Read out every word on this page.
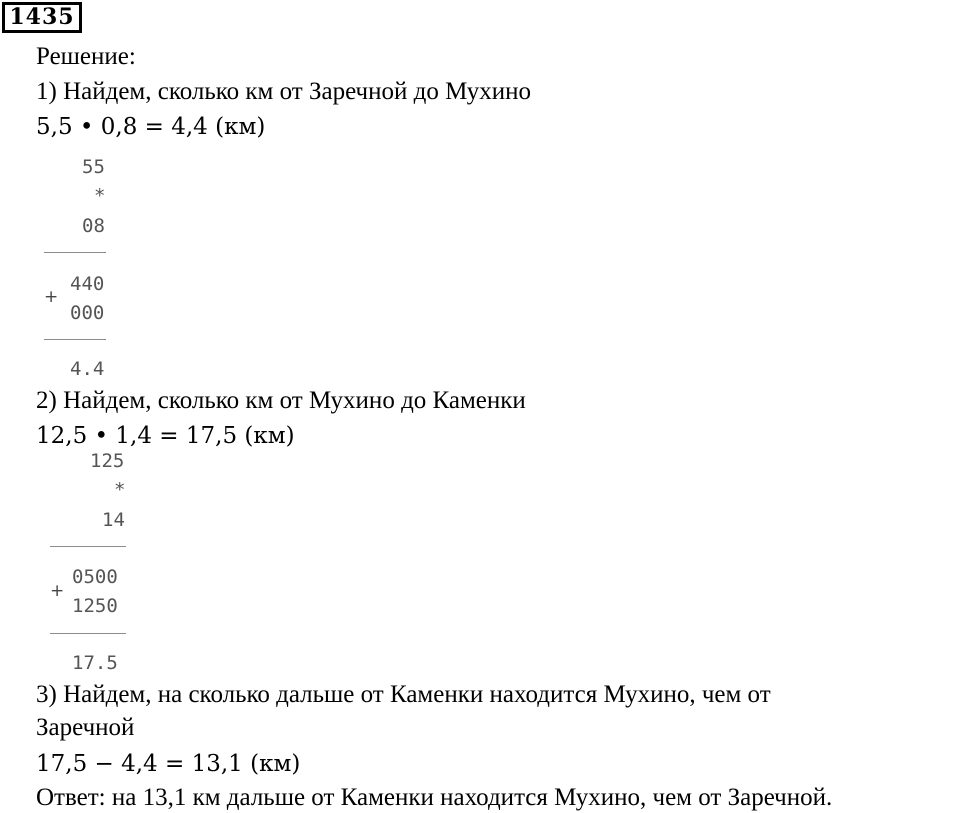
1435
Решение:
1) Найдем, сколько км от Заречной до Мухино
5,5 • 0,8 = 4,4 (км)
55
*
08
+
440
000
4.4
2) Найдем, сколько км от Мухино до Каменки
12,5 • 1,4 = 17,5 (км)
125
*
14
+
0500
1250
17.5
3) Найдем, на сколько дальше от Каменки находится Мухино, чем от
Заречной
17,5 − 4,4 = 13,1 (км)
Ответ: на 13,1 км дальше от Каменки находится Мухино, чем от Заречной.
